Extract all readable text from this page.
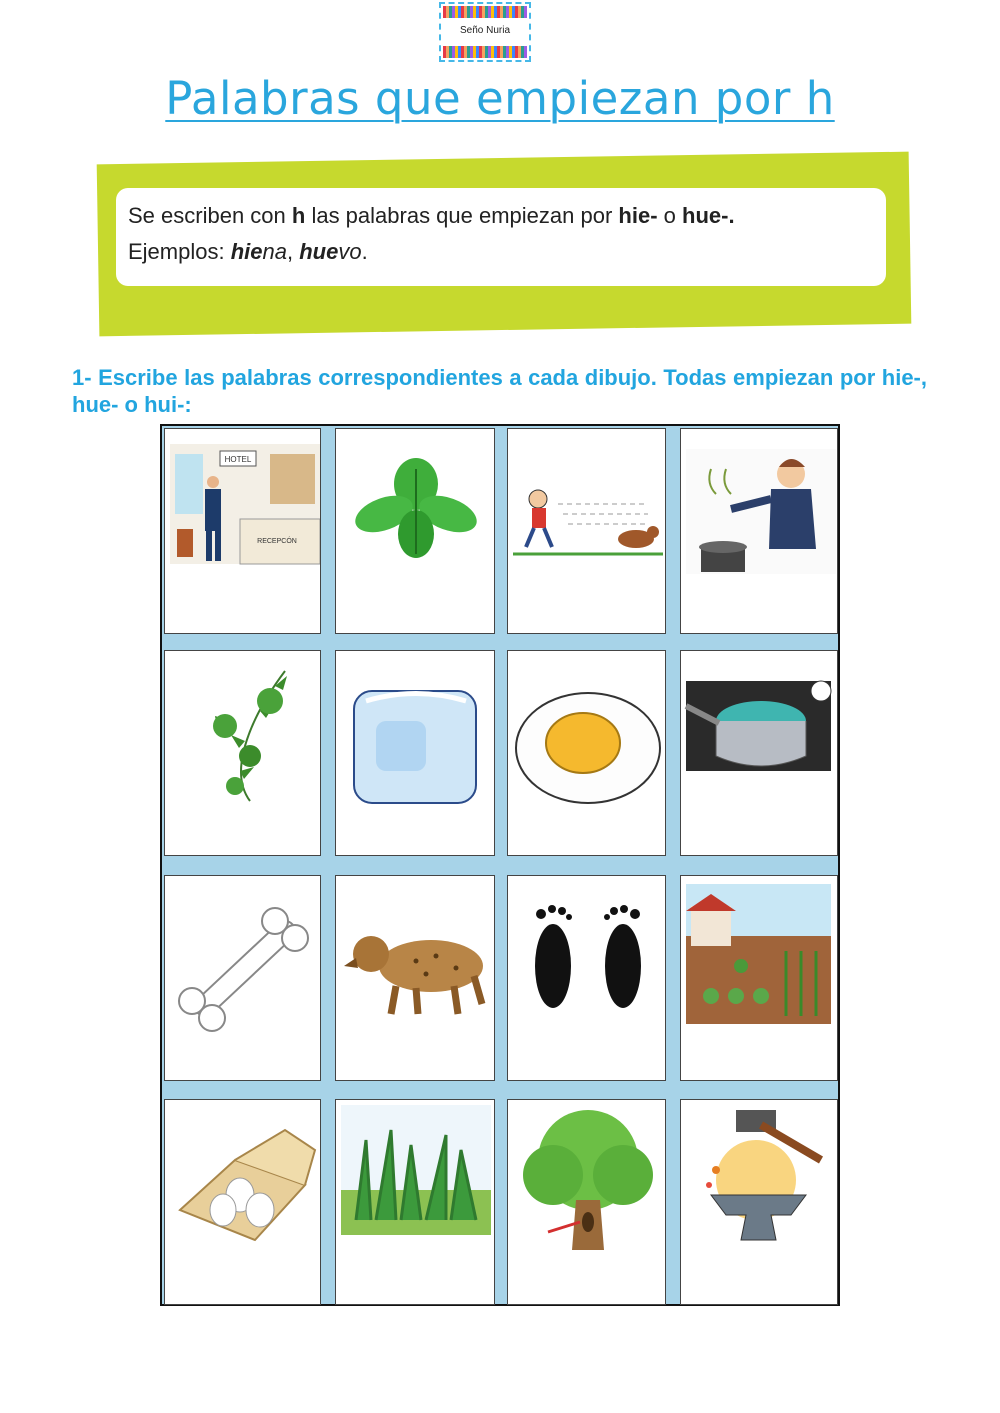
Seño Nuria
Palabras que empiezan por h
Se escriben con h las palabras que empiezan por hie- o hue-.
Ejemplos: hiena, huevo.
1- Escribe las palabras correspondientes a cada dibujo. Todas empiezan por hie-, hue- o hui-:
HOTEL
RECEPCÓN
